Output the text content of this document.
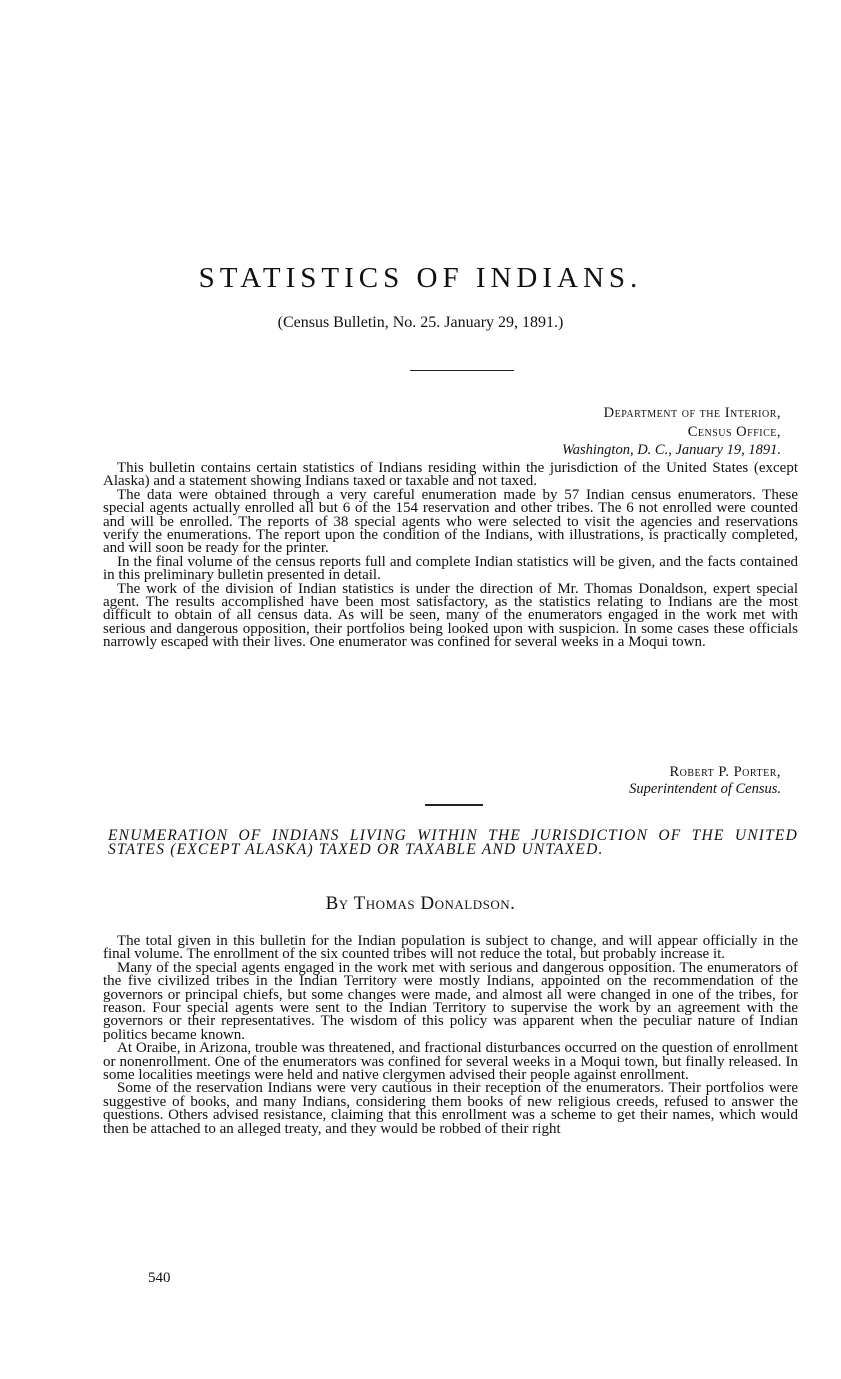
STATISTICS OF INDIANS.
(Census Bulletin, No. 25. January 29, 1891.)
Department of the Interior,
Census Office,
Washington, D. C., January 19, 1891.

This bulletin contains certain statistics of Indians residing within the jurisdiction of the United States (except Alaska) and a statement showing Indians taxed or taxable and not taxed.

The data were obtained through a very careful enumeration made by 57 Indian census enumerators. These special agents actually enrolled all but 6 of the 154 reservation and other tribes. The 6 not enrolled were counted and will be enrolled. The reports of 38 special agents who were selected to visit the agencies and reservations verify the enumerations. The report upon the condition of the Indians, with illustrations, is practically completed, and will soon be ready for the printer.

In the final volume of the census reports full and complete Indian statistics will be given, and the facts contained in this preliminary bulletin presented in detail.

The work of the division of Indian statistics is under the direction of Mr. Thomas Donaldson, expert special agent. The results accomplished have been most satisfactory, as the statistics relating to Indians are the most difficult to obtain of all census data. As will be seen, many of the enumerators engaged in the work met with serious and dangerous opposition, their portfolios being looked upon with suspicion. In some cases these officials narrowly escaped with their lives. One enumerator was confined for several weeks in a Moqui town.

Robert P. Porter,
Superintendent of Census.
ENUMERATION OF INDIANS LIVING WITHIN THE JURISDICTION OF THE UNITED STATES (EXCEPT ALASKA) TAXED OR TAXABLE AND UNTAXED.
By Thomas Donaldson.

The total given in this bulletin for the Indian population is subject to change, and will appear officially in the final volume. The enrollment of the six counted tribes will not reduce the total, but probably increase it.

Many of the special agents engaged in the work met with serious and dangerous opposition. The enumerators of the five civilized tribes in the Indian Territory were mostly Indians, appointed on the recommendation of the governors or principal chiefs, but some changes were made, and almost all were changed in one of the tribes, for reason. Four special agents were sent to the Indian Territory to supervise the work by an agreement with the governors or their representatives. The wisdom of this policy was apparent when the peculiar nature of Indian politics became known.

At Oraibe, in Arizona, trouble was threatened, and fractional disturbances occurred on the question of enrollment or nonenrollment. One of the enumerators was confined for several weeks in a Moqui town, but finally released. In some localities meetings were held and native clergymen advised their people against enrollment.

Some of the reservation Indians were very cautious in their reception of the enumerators. Their portfolios were suggestive of books, and many Indians, considering them books of new religious creeds, refused to answer the questions. Others advised resistance, claiming that this enrollment was a scheme to get their names, which would then be attached to an alleged treaty, and they would be robbed of their right

540
